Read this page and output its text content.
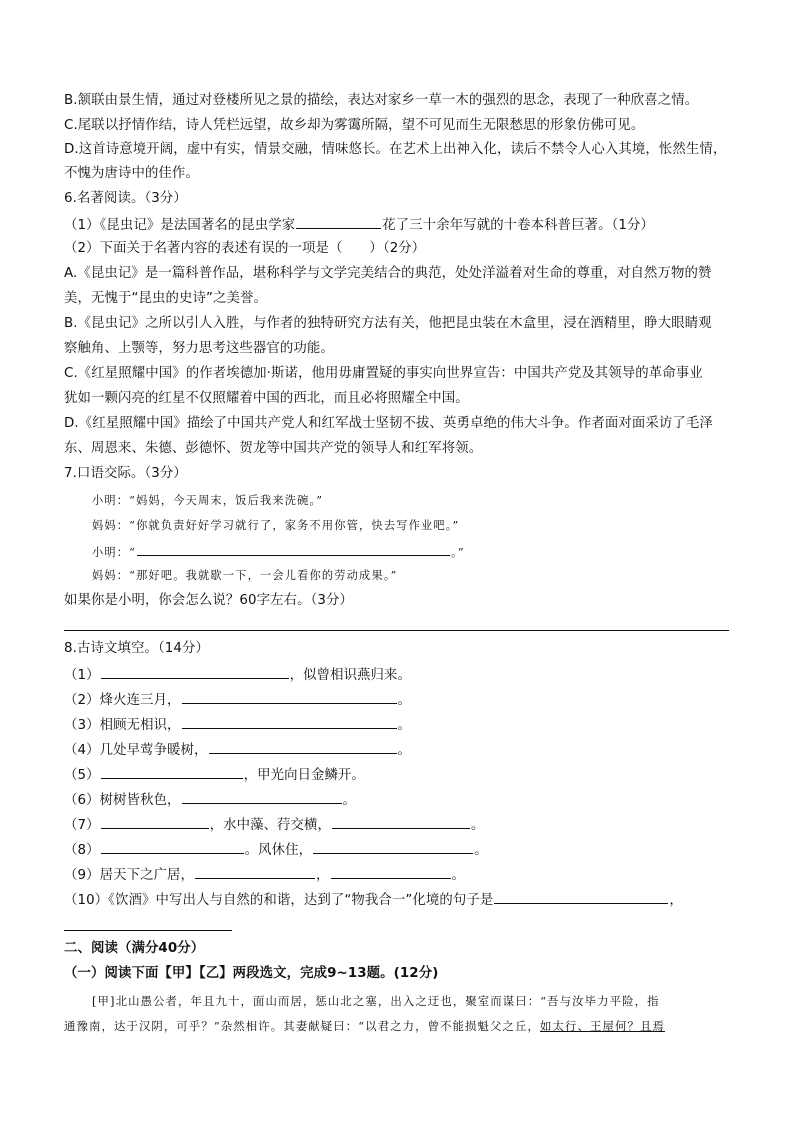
B.颔联由景生情，通过对登楼所见之景的描绘，表达对家乡一草一木的强烈的思念，表现了一种欣喜之情。
C.尾联以抒情作结，诗人凭栏远望，故乡却为雾霭所隔，望不可见而生无限愁思的形象仿佛可见。
D.这首诗意境开阔，虚中有实，情景交融，情味悠长。在艺术上出神入化，读后不禁令人心入其境，怅然生情，
不愧为唐诗中的佳作。
6.名著阅读。（3分）
（1）《昆虫记》是法国著名的昆虫学家	花了三十余年写就的十卷本科普巨著。（1分）
（2）下面关于名著内容的表述有误的一项是（　　）（2分）
A.《昆虫记》是一篇科普作品，堪称科学与文学完美结合的典范，处处洋溢着对生命的尊重，对自然万物的赞
美，无愧于“昆虫的史诗”之美誉。
B.《昆虫记》之所以引人入胜，与作者的独特研究方法有关，他把昆虫装在木盒里，浸在酒精里，睁大眼睛观
察触角、上颚等，努力思考这些器官的功能。
C.《红星照耀中国》的作者埃德加·斯诺，他用毋庸置疑的事实向世界宣告：中国共产党及其领导的革命事业
犹如一颗闪亮的红星不仅照耀着中国的西北，而且必将照耀全中国。
D.《红星照耀中国》描绘了中国共产党人和红军战士坚韧不拔、英勇卓绝的伟大斗争。作者面对面采访了毛泽
东、周恩来、朱德、彭德怀、贺龙等中国共产党的领导人和红军将领。
7.口语交际。（3分）
小明：“妈妈，今天周末，饭后我来洗碗。”
妈妈：“你就负责好好学习就行了，家务不用你管，快去写作业吧。”
小明：“	。”
妈妈：“那好吧。我就歇一下，一会儿看你的劳动成果。”
如果你是小明，你会怎么说？60字左右。（3分）
8.古诗文填空。（14分）
（1）	，似曾相识燕归来。
（2）烽火连三月，	。
（3）相顾无相识，	。
（4）几处早莺争暖树，	。
（5）	，甲光向日金鳞开。
（6）树树皆秋色，	。
（7）	，水中藻、荇交横，	。
（8）	。风休住，	。
（9）居天下之广居，	，	。
（10）《饮酒》中写出人与自然的和谐，达到了“物我合一”化境的句子是	，
二、阅读（满分40分）
（一）阅读下面【甲】【乙】两段选文，完成9~13题。(12分)
[甲]北山愚公者，年且九十，面山而居，惩山北之塞，出入之迂也，聚室而谋曰：“吾与汝毕力平险，指
通豫南，达于汉阴，可乎？”杂然相许。其妻献疑曰：“以君之力，曾不能损魁父之丘，如太行、王屋何？且焉
